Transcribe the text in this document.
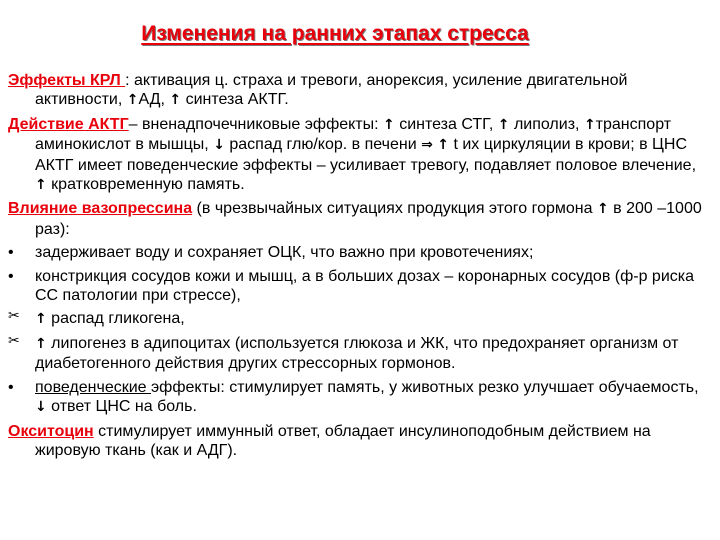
Изменения на ранних этапах стресса
Эффекты КРЛ : активация ц. страха и тревоги, анорексия, усиление двигательной активности, ↑АД, ↑ синтеза АКТГ.
Действие АКТГ– вненадпочечниковые эффекты: ↑ синтеза СТГ, ↑ липолиз, ↑транспорт аминокислот в мышцы, ↓ распад глю/кор. в печени ⇒ ↑ t их циркуляции в крови; в ЦНС АКТГ имеет поведенческие эффекты – усиливает тревогу, подавляет половое влечение, ↑ кратковременную память.
Влияние вазопрессина (в чрезвычайных ситуациях продукция этого гормона ↑ в 200 –1000 раз):
•	задерживает воду и сохраняет ОЦК, что важно при кровотечениях;
•	констрикция сосудов кожи и мышц, а в больших дозах – коронарных сосудов (ф-р риска СС патологии при стрессе),
✂	↑ распад гликогена,
✂	↑ липогенез в адипоцитах (используется глюкоза и ЖК, что предохраняет организм от диабетогенного действия других стрессорных гормонов.
•	поведенческие эффекты: стимулирует память, у животных резко улучшает обучаемость, ↓ ответ ЦНС на боль.
Окситоцин стимулирует иммунный ответ, обладает инсулиноподобным действием на жировую ткань (как и АДГ).
